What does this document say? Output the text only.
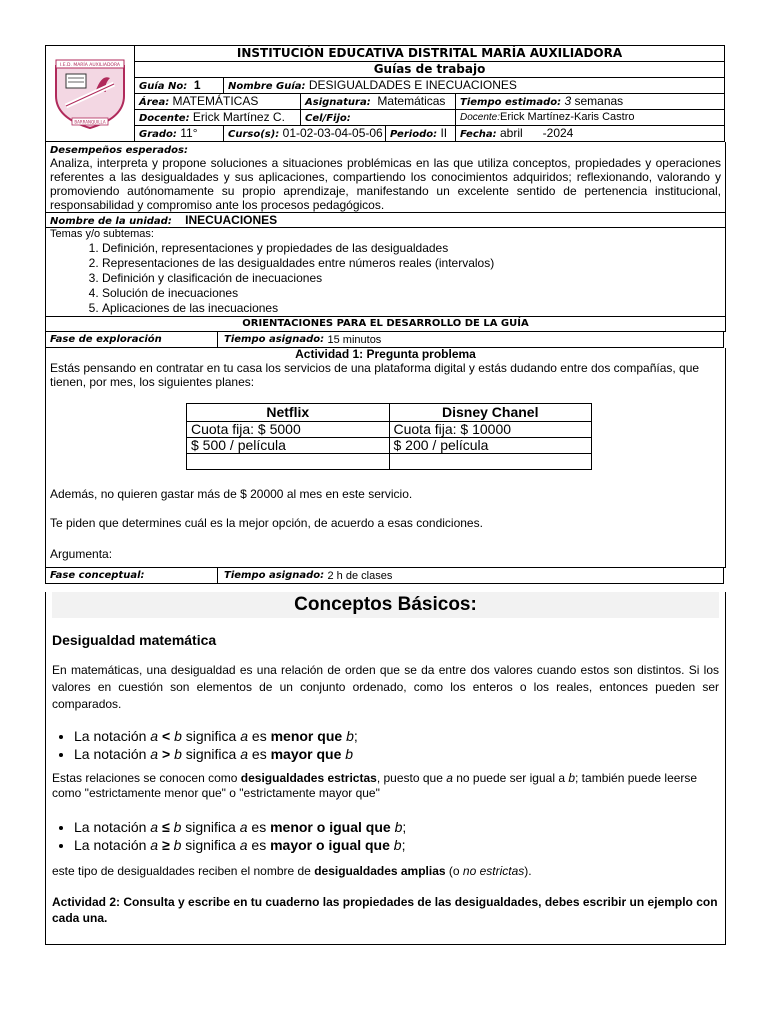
I.E.D. MARÍA AUXILIADORA
BARRANQUILLA	INSTITUCIÓN EDUCATIVA DISTRITAL MARÍA AUXILIADORA				
	Guías de trabajo				
	Guía No: 1	Nombre Guía: DESIGUALDADES E INECUACIONES			
	Área: MATEMÁTICAS		Asignatura: Matemáticas		Tiempo estimado: 3 semanas
	Docente: Erick Martínez C.		Cel/Fijo:		Docente:Erick Martínez-Karis Castro
	Grado: 11°	Curso(s): 01-02-03-04-05-06		Periodo: II	Fecha: abril      -2024
Desempeños esperados:
Analiza, interpreta y propone soluciones a situaciones problémicas en las que utiliza conceptos, propiedades y operaciones referentes a las desigualdades y sus aplicaciones, compartiendo los conocimientos adquiridos; reflexionando, valorando y promoviendo autónomamente su propio aprendizaje, manifestando un excelente sentido de pertenencia institucional, responsabilidad y compromiso ante los procesos pedagógicos.
Nombre de la unidad: INECUACIONES
Temas y/o subtemas:
1. Definición, representaciones y propiedades de las desigualdades
2. Representaciones de las desigualdades entre números reales (intervalos)
3. Definición y clasificación de inecuaciones
4. Solución de inecuaciones
5. Aplicaciones de las inecuaciones
ORIENTACIONES PARA EL DESARROLLO DE LA GUÍA
Fase de exploración	Tiempo asignado:
15 minutos
Actividad 1: Pregunta problema
Estás pensando en contratar en tu casa los servicios de una plataforma digital y estás dudando entre dos compañías, que tienen, por mes, los siguientes planes:
Netflix	Disney Chanel
Cuota fija: $ 5000	Cuota fija: $ 10000
$ 500 / película	$ 200 / película

Además, no quieren gastar más de $ 20000 al mes en este servicio.
Te piden que determines cuál es la mejor opción, de acuerdo a esas condiciones.
Argumenta:
Fase conceptual:	Tiempo asignado:
2 h de clases
Conceptos Básicos:
Desigualdad matemática
En matemáticas, una desigualdad es una relación de orden que se da entre dos valores cuando estos son distintos. Si los valores en cuestión son elementos de un conjunto ordenado, como los enteros o los reales, entonces pueden ser comparados.
• La notación a < b significa a es menor que b;
• La notación a > b significa a es mayor que b
Estas relaciones se conocen como desigualdades estrictas, puesto que a no puede ser igual a b; también puede leerse como "estrictamente menor que" o "estrictamente mayor que"
• La notación a ≤ b significa a es menor o igual que b;
• La notación a ≥ b significa a es mayor o igual que b;
este tipo de desigualdades reciben el nombre de desigualdades amplias (o no estrictas).
Actividad 2: Consulta y escribe en tu cuaderno las propiedades de las desigualdades, debes escribir un ejemplo con cada una.
